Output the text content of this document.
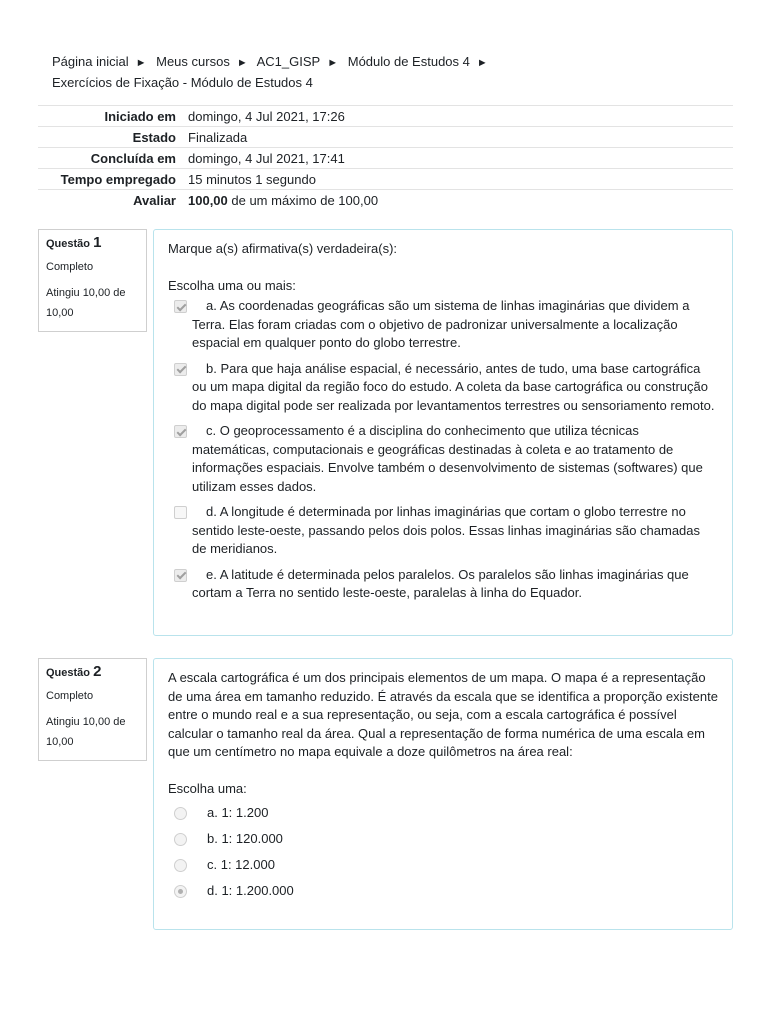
Página inicial ► Meus cursos ► AC1_GISP ► Módulo de Estudos 4 ►
Exercícios de Fixação - Módulo de Estudos 4
Iniciado em	domingo, 4 Jul 2021, 17:26
Estado	Finalizada
Concluída em	domingo, 4 Jul 2021, 17:41
Tempo empregado	15 minutos 1 segundo
Avaliar	100,00 de um máximo de 100,00
Questão 1
Completo
Atingiu 10,00 de 10,00
Marque a(s) afirmativa(s) verdadeira(s):
Escolha uma ou mais:
a. As coordenadas geográficas são um sistema de linhas imaginárias que dividem a Terra. Elas foram criadas com o objetivo de padronizar universalmente a localização espacial em qualquer ponto do globo terrestre.
b. Para que haja análise espacial, é necessário, antes de tudo, uma base cartográfica ou um mapa digital da região foco do estudo. A coleta da base cartográfica ou construção do mapa digital pode ser realizada por levantamentos terrestres ou sensoriamento remoto.
c. O geoprocessamento é a disciplina do conhecimento que utiliza técnicas matemáticas, computacionais e geográficas destinadas à coleta e ao tratamento de informações espaciais. Envolve também o desenvolvimento de sistemas (softwares) que utilizam esses dados.
d. A longitude é determinada por linhas imaginárias que cortam o globo terrestre no sentido leste-oeste, passando pelos dois polos. Essas linhas imaginárias são chamadas de meridianos.
e. A latitude é determinada pelos paralelos. Os paralelos são linhas imaginárias que cortam a Terra no sentido leste-oeste, paralelas à linha do Equador.
Questão 2
Completo
Atingiu 10,00 de 10,00
A escala cartográfica é um dos principais elementos de um mapa. O mapa é a representação de uma área em tamanho reduzido. É através da escala que se identifica a proporção existente entre o mundo real e a sua representação, ou seja, com a escala cartográfica é possível calcular o tamanho real da área. Qual a representação de forma numérica de uma escala em que um centímetro no mapa equivale a doze quilômetros na área real:
Escolha uma:
a. 1: 1.200
b. 1: 120.000
c. 1: 12.000
d. 1: 1.200.000
